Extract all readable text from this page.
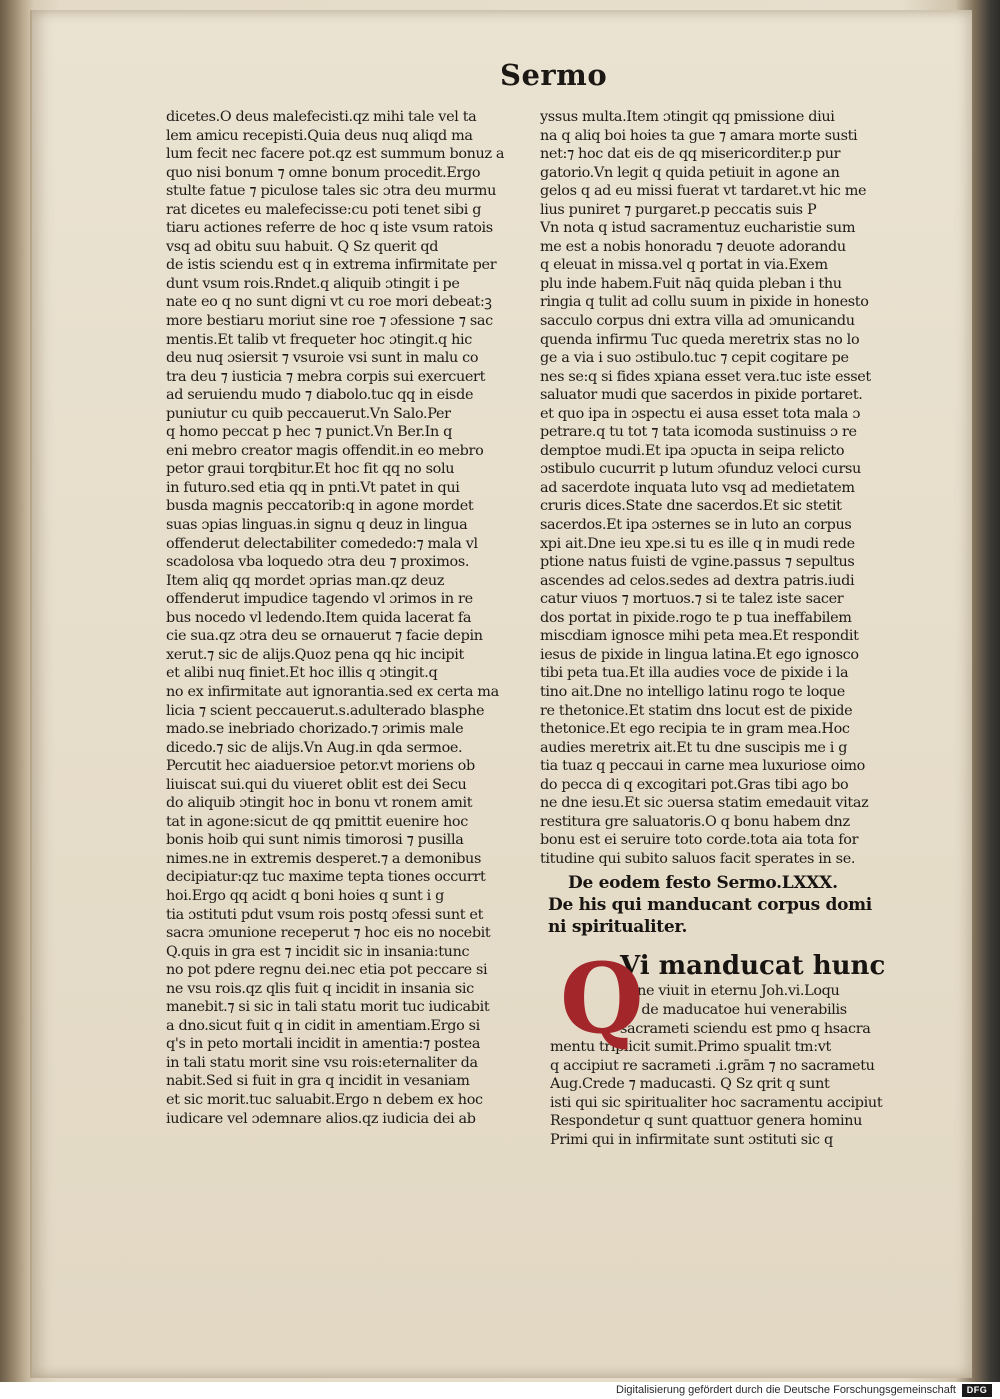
Sermo
dicetes.O deus malefecisti.qz mihi tale vel ta
lem amicu recepisti.Quia deus nuq aliqd ma
lum fecit nec facere pot.qz est summum bonuz a
quo nisi bonum ⁊ omne bonum procedit.Ergo
stulte fatue ⁊ piculose tales sic ɔtra deu murmu
rat dicetes eu malefecisse:cu poti tenet sibi g
tiaru actiones referre de hoc q iste vsum ratois
vsq ad obitu suu habuit. Q Sz querit qd
de istis sciendu est q in extrema infirmitate per
dunt vsum rois.Rndet.q aliquib ɔtingit i pe
nate eo q no sunt digni vt cu roe mori debeat:ꝫ
more bestiaru moriut sine roe ⁊ ɔfessione ⁊ sac
mentis.Et talib vt frequeter hoc ɔtingit.q hic
deu nuq ɔsiersit ⁊ vsuroie vsi sunt in malu co
tra deu ⁊ iusticia ⁊ mebra corpis sui exercuert
ad seruiendu mudo ⁊ diabolo.tuc qq in eisde
puniutur cu quib peccauerut.Vn Salo.Per
q homo peccat p hec ⁊ punict.Vn Ber.In q
eni mebro creator magis offendit.in eo mebro
petor graui torqbitur.Et hoc fit qq no solu
in futuro.sed etia qq in pnti.Vt patet in qui
busda magnis peccatorib:q in agone mordet
suas ɔpias linguas.in signu q deuz in lingua
offenderut delectabiliter comededo:⁊ mala vl
scadolosa vba loquedo ɔtra deu ⁊ proximos.
Item aliq qq mordet ɔprias man.qz deuz
offenderut impudice tagendo vl ɔrimos in re
bus nocedo vl ledendo.Item quida lacerat fa
cie sua.qz ɔtra deu se ornauerut ⁊ facie depin
xerut.⁊ sic de alijs.Quoz pena qq hic incipit
et alibi nuq finiet.Et hoc illis q ɔtingit.q
no ex infirmitate aut ignorantia.sed ex certa ma
licia ⁊ scient peccauerut.s.adulterado blasphe
mado.se inebriado chorizado.⁊ ɔrimis male
dicedo.⁊ sic de alijs.Vn Aug.in qda sermoe.
Percutit hec aiaduersioe petor.vt moriens ob
liuiscat sui.qui du viueret oblit est dei Secu
do aliquib ɔtingit hoc in bonu vt ronem amit
tat in agone:sicut de qq pmittit euenire hoc
bonis hoib qui sunt nimis timorosi ⁊ pusilla
nimes.ne in extremis desperet.⁊ a demonibus
decipiatur:qz tuc maxime tepta tiones occurrt
hoi.Ergo qq acidt q boni hoies q sunt i g
tia ɔstituti pdut vsum rois postq ɔfessi sunt et
sacra ɔmunione receperut ⁊ hoc eis no nocebit
Q.quis in gra est ⁊ incidit sic in insania:tunc
no pot pdere regnu dei.nec etia pot peccare si
ne vsu rois.qz qlis fuit q incidit in insania sic
manebit.⁊ si sic in tali statu morit tuc iudicabit
a dno.sicut fuit q in cidit in amentiam.Ergo si
q's in peto mortali incidit in amentia:⁊ postea
in tali statu morit sine vsu rois:eternaliter da
nabit.Sed si fuit in gra q incidit in vesaniam
et sic morit.tuc saluabit.Ergo n debem ex hoc
iudicare vel ɔdemnare alios.qz iudicia dei ab
yssus multa.Item ɔtingit qq pmissione diui
na q aliq boi hoies ta gue ⁊ amara morte susti
net:⁊ hoc dat eis de qq misericorditer.p pur
gatorio.Vn legit q quida petiuit in agone an
gelos q ad eu missi fuerat vt tardaret.vt hic me
lius puniret ⁊ purgaret.p peccatis suis P
Vn nota q istud sacramentuz eucharistie sum
me est a nobis honoradu ⁊ deuote adorandu
q eleuat in missa.vel q portat in via.Exem
plu inde habem.Fuit nāq quida pleban i thu
ringia q tulit ad collu suum in pixide in honesto
sacculo corpus dni extra villa ad ɔmunicandu
quenda infirmu Tuc queda meretrix stas no lo
ge a via i suo ɔstibulo.tuc ⁊ cepit cogitare pe
nes se:q si fides xpiana esset vera.tuc iste esset
saluator mudi que sacerdos in pixide portaret.
et quo ipa in ɔspectu ei ausa esset tota mala ɔ
petrare.q tu tot ⁊ tata icomoda sustinuiss ɔ re
demptoe mudi.Et ipa ɔpucta in seipa relicto
ɔstibulo cucurrit p lutum ɔfunduz veloci cursu
ad sacerdote inquata luto vsq ad medietatem
cruris dices.State dne sacerdos.Et sic stetit
sacerdos.Et ipa ɔsternes se in luto an corpus
xpi ait.Dne ieu xpe.si tu es ille q in mudi rede
ptione natus fuisti de vgine.passus ⁊ sepultus
ascendes ad celos.sedes ad dextra patris.iudi
catur viuos ⁊ mortuos.⁊ si te talez iste sacer
dos portat in pixide.rogo te p tua ineffabilem
miscdiam ignosce mihi peta mea.Et respondit
iesus de pixide in lingua latina.Et ego ignosco
tibi peta tua.Et illa audies voce de pixide i la
tino ait.Dne no intelligo latinu rogo te loque
re thetonice.Et statim dns locut est de pixide
thetonice.Et ego recipia te in gram mea.Hoc
audies meretrix ait.Et tu dne suscipis me i g
tia tuaz q peccaui in carne mea luxuriose oimo
do pecca di q excogitari pot.Gras tibi ago bo
ne dne iesu.Et sic ɔuersa statim emedauit vitaz
restitura gre saluatoris.O q bonu habem dnz
bonu est ei seruire toto corde.tota aia tota for
titudine qui subito saluos facit sperates in se.
De eodem festo Sermo.LXXX.
De his qui manducant corpus domi
ni spiritualiter.
Q
Vi manducat hunc
pane viuit in eternu Joh.vi.Loqu
do de maducatoe hui venerabilis
sacrameti sciendu est pmo q hsacra
mentu triplicit sumit.Primo spualit tm:vt
q accipiut re sacrameti .i.grām ⁊ no sacrametu
Aug.Crede ⁊ maducasti. Q Sz qrit q sunt
isti qui sic spiritualiter hoc sacramentu accipiut
Respondetur q sunt quattuor genera hominu
Primi qui in infirmitate sunt ɔstituti sic q
Digitalisierung gefördert durch die Deutsche Forschungsgemeinschaft	DFG
